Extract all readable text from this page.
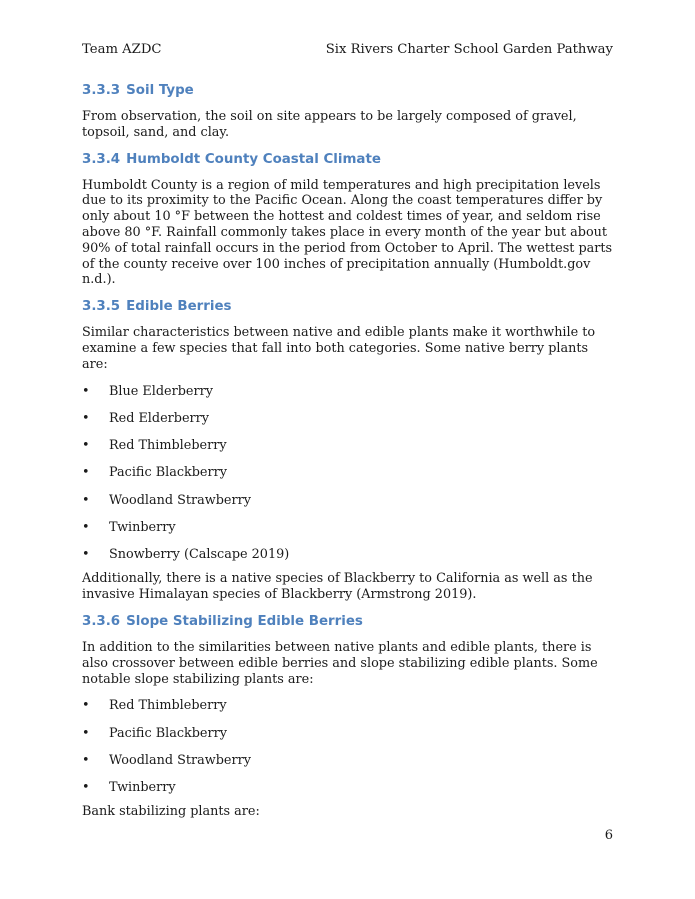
Team AZDC	Six Rivers Charter School Garden Pathway
3.3.3 Soil Type

From observation, the soil on site appears to be largely composed of gravel, topsoil, sand, and clay.

3.3.4 Humboldt County Coastal Climate

Humboldt County is a region of mild temperatures and high precipitation levels due to its proximity to the Pacific Ocean. Along the coast temperatures differ by only about 10 °F between the hottest and coldest times of year, and seldom rise above 80 °F. Rainfall commonly takes place in every month of the year but about 90% of total rainfall occurs in the period from October to April. The wettest parts of the county receive over 100 inches of precipitation annually (Humboldt.gov n.d.).

3.3.5 Edible Berries

Similar characteristics between native and edible plants make it worthwhile to examine a few species that fall into both categories. Some native berry plants are:

• Blue Elderberry
• Red Elderberry
• Red Thimbleberry
• Pacific Blackberry
• Woodland Strawberry
• Twinberry
• Snowberry (Calscape 2019)

Additionally, there is a native species of Blackberry to California as well as the invasive Himalayan species of Blackberry (Armstrong 2019).

3.3.6 Slope Stabilizing Edible Berries

In addition to the similarities between native plants and edible plants, there is also crossover between edible berries and slope stabilizing edible plants. Some notable slope stabilizing plants are:

• Red Thimbleberry
• Pacific Blackberry
• Woodland Strawberry
• Twinberry

Bank stabilizing plants are:

6
